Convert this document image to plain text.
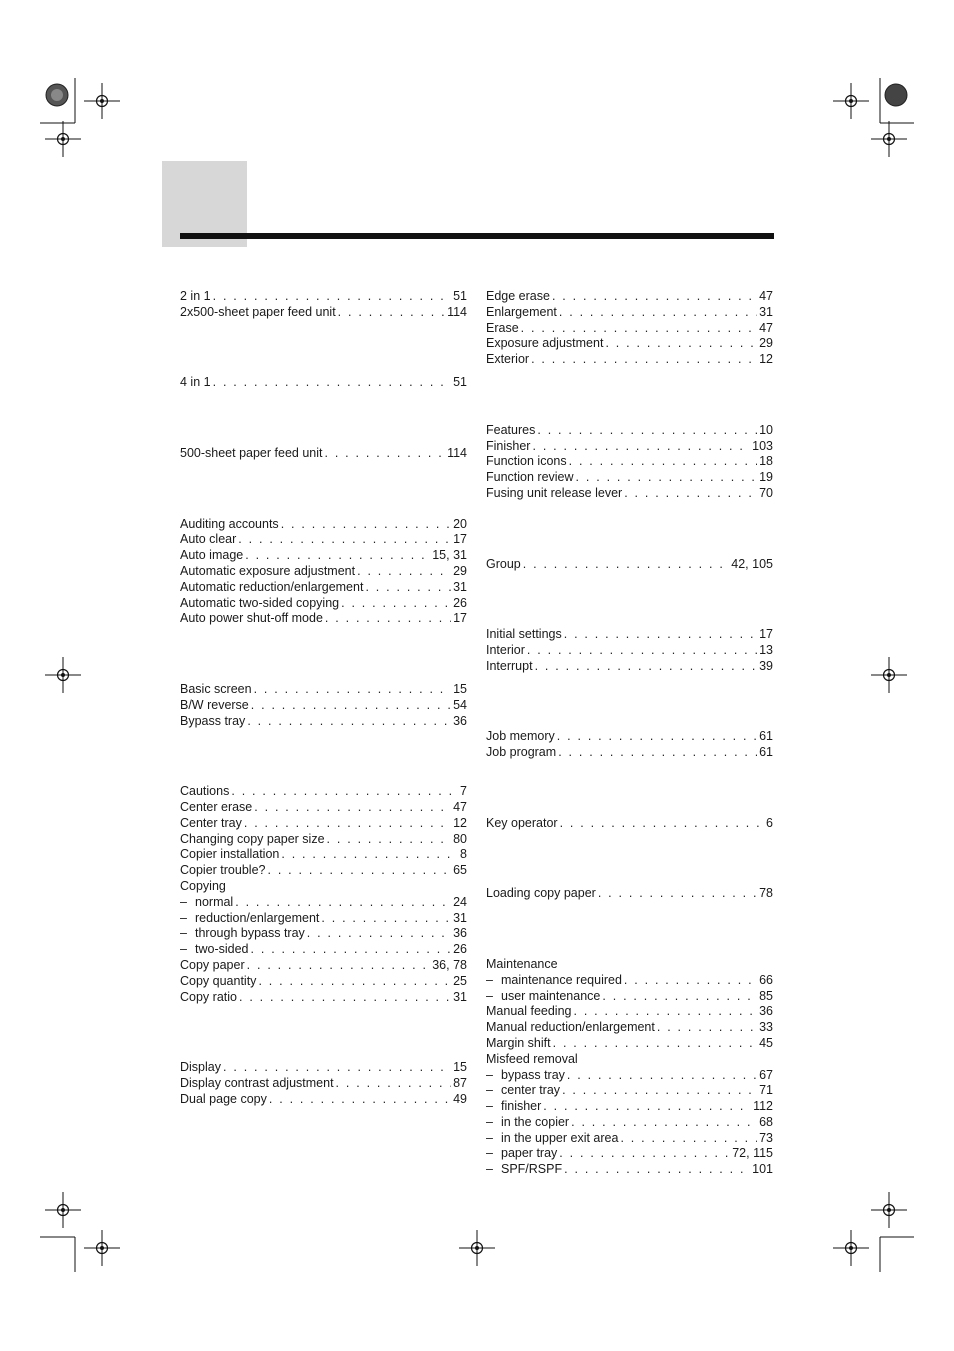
2 in 1 . . .	51
2x500-sheet paper feed unit . . .	114
4 in 1 . . .	51
500-sheet paper feed unit . . .	114
Auditing accounts . . .	20
Auto clear . . .	17
Auto image . . .	15, 31
Automatic exposure adjustment . . .	29
Automatic reduction/enlargement . . .	31
Automatic two-sided copying . . .	26
Auto power shut-off mode . . .	17
Basic screen . . .	15
B/W reverse . . .	54
Bypass tray . . .	36
Cautions . . .	7
Center erase . . .	47
Center tray . . .	12
Changing copy paper size . . .	80
Copier installation . . .	8
Copier trouble? . . .	65
Copying
– normal . . .	24
– reduction/enlargement . . .	31
– through bypass tray . . .	36
– two-sided . . .	26
Copy paper . . .	36, 78
Copy quantity . . .	25
Copy ratio . . .	31
Display . . .	15
Display contrast adjustment . . .	87
Dual page copy . . .	49
Edge erase . . .	47
Enlargement . . .	31
Erase . . .	47
Exposure adjustment . . .	29
Exterior . . .	12
Features . . .	10
Finisher . . .	103
Function icons . . .	18
Function review . . .	19
Fusing unit release lever . . .	70
Group . . .	42, 105
Initial settings . . .	17
Interior . . .	13
Interrupt . . .	39
Job memory . . .	61
Job program . . .	61
Key operator . . .	6
Loading copy paper . . .	78
Maintenance
– maintenance required . . .	66
– user maintenance . . .	85
Manual feeding . . .	36
Manual reduction/enlargement . . .	33
Margin shift . . .	45
Misfeed removal
– bypass tray . . .	67
– center tray . . .	71
– finisher . . .	112
– in the copier . . .	68
– in the upper exit area . . .	73
– paper tray . . .	72, 115
– SPF/RSPF . . .	101
